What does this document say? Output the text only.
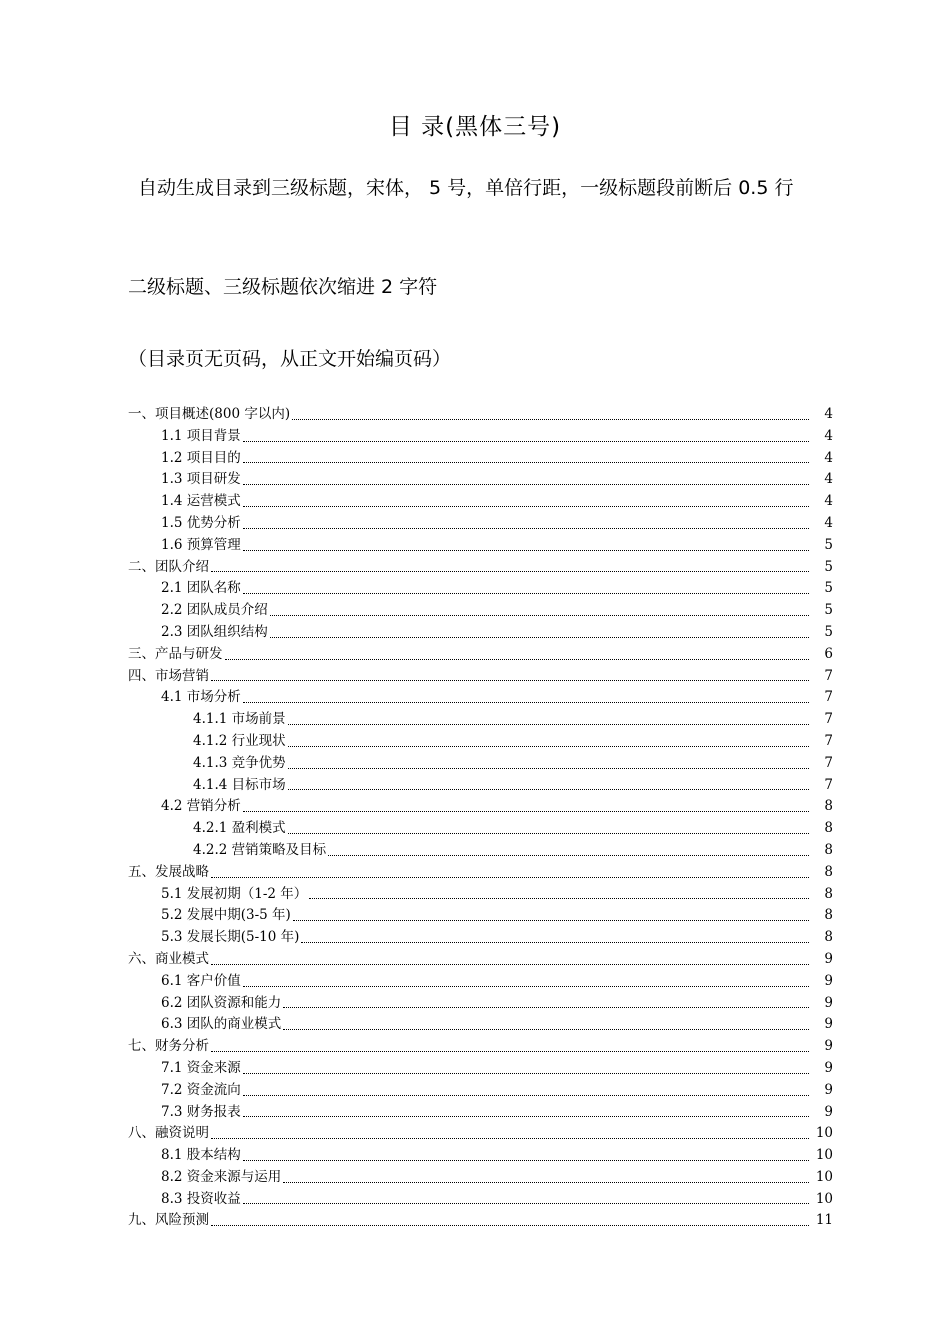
目 录(黑体三号)
自动生成目录到三级标题，宋体， 5 号，单倍行距，一级标题段前断后 0.5 行
二级标题、三级标题依次缩进 2 字符
（目录页无页码，从正文开始编页码）
一、项目概述(800 字以内)	4
1.1 项目背景	4
1.2 项目目的	4
1.3 项目研发	4
1.4 运营模式	4
1.5 优势分析	4
1.6 预算管理	5
二、团队介绍	5
2.1 团队名称	5
2.2 团队成员介绍	5
2.3 团队组织结构	5
三、产品与研发	6
四、市场营销	7
4.1 市场分析	7
4.1.1 市场前景	7
4.1.2 行业现状	7
4.1.3 竞争优势	7
4.1.4 目标市场	7
4.2 营销分析	8
4.2.1 盈利模式	8
4.2.2 营销策略及目标	8
五、发展战略	8
5.1 发展初期（1-2 年）	8
5.2 发展中期(3-5 年)	8
5.3 发展长期(5-10 年)	8
六、商业模式	9
6.1 客户价值	9
6.2 团队资源和能力	9
6.3 团队的商业模式	9
七、财务分析	9
7.1 资金来源	9
7.2 资金流向	9
7.3 财务报表	9
八、融资说明	10
8.1 股本结构	10
8.2 资金来源与运用	10
8.3 投资收益	10
九、风险预测	11
